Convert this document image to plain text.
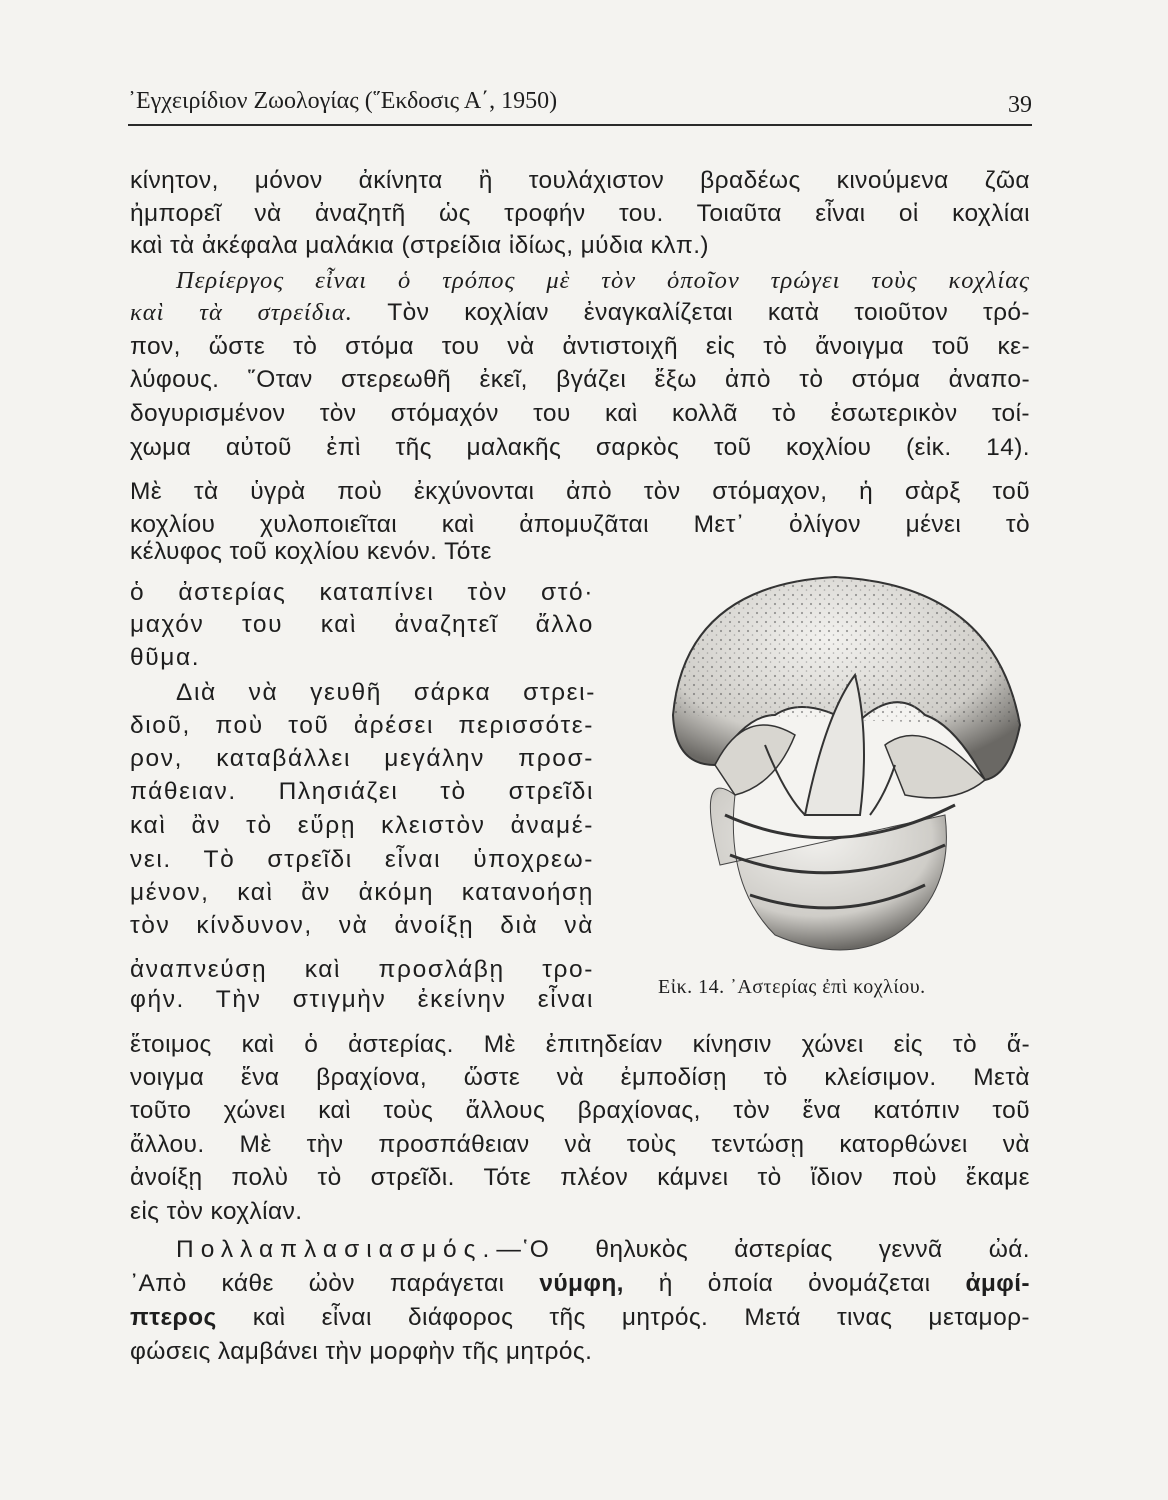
᾿Εγχειρίδιον Ζωολογίας (῞Εκδοσις Α΄, 1950)	39
κίνητον, μόνον ἀκίνητα ἢ τουλάχιστον βραδέως κινούμενα ζῶα
ἠμπορεῖ νὰ ἀναζητῆ ὡς τροφήν του. Τοιαῦτα εἶναι οἱ κοχλίαι
καὶ τὰ ἀκέφαλα μαλάκια (στρείδια ἰδίως, μύδια κλπ.)
Περίεργος εἶναι ὁ τρόπος μὲ τὸν ὁποῖον τρώγει τοὺς κοχλίας
καὶ τὰ στρείδια. Τὸν κοχλίαν ἐναγκαλίζεται κατὰ τοιοῦτον τρό-
πον, ὥστε τὸ στόμα του νὰ ἀντιστοιχῆ εἰς τὸ ἄνοιγμα τοῦ κε-
λύφους. ῞Οταν στερεωθῆ ἐκεῖ, βγάζει ἔξω ἀπὸ τὸ στόμα ἀναπο-
δογυρισμένον τὸν στόμαχόν του καὶ κολλᾶ τὸ ἐσωτερικὸν τοί-
χωμα αὐτοῦ ἐπὶ τῆς μαλακῆς σαρκὸς τοῦ κοχλίου (εἰκ. 14).
Μὲ τὰ ὑγρὰ ποὺ ἐκχύνονται ἀπὸ τὸν στόμαχον, ἡ σὰρξ τοῦ
κοχλίου χυλοποιεῖται καὶ ἀπομυζᾶται Μετ᾿ ὀλίγον μένει τὸ
κέλυφος τοῦ κοχλίου κενόν. Τότε
ὁ ἀστερίας καταπίνει τὸν στό·
μαχόν του καὶ ἀναζητεῖ ἄλλο
θῦμα.
Διὰ νὰ γευθῆ σάρκα στρει-
διοῦ, ποὺ τοῦ ἀρέσει περισσότε-
ρον, καταβάλλει μεγάλην προσ-
πάθειαν. Πλησιάζει τὸ στρεῖδι
καὶ ἂν τὸ εὕρῃ κλειστὸν ἀναμέ-
νει. Τὸ στρεῖδι εἶναι ὑποχρεω-
μένον, καὶ ἂν ἀκόμη κατανοήσῃ
τὸν κίνδυνον, νὰ ἀνοίξῃ διὰ νὰ
ἀναπνεύσῃ καὶ προσλάβῃ τρο-
φήν. Τὴν στιγμὴν ἐκείνην εἶναι
ἕτοιμος καὶ ὁ ἀστερίας. Μὲ ἐπιτηδείαν κίνησιν χώνει εἰς τὸ ἄ-
νοιγμα ἕνα βραχίονα, ὥστε νὰ ἐμποδίσῃ τὸ κλείσιμον. Μετὰ
τοῦτο χώνει καὶ τοὺς ἄλλους βραχίονας, τὸν ἕνα κατόπιν τοῦ
ἄλλου. Μὲ τὴν προσπάθειαν νὰ τοὺς τεντώσῃ κατορθώνει νὰ
ἀνοίξῃ πολὺ τὸ στρεῖδι. Τότε πλέον κάμνει τὸ ἴδιον ποὺ ἔκαμε
εἰς τὸν κοχλίαν.
Πολλαπλασιασμός.—῾Ο θηλυκὸς ἀστερίας γεννᾶ ὠά.
᾿Απὸ κάθε ὠὸν παράγεται νύμφη, ἡ ὁποία ὀνομάζεται ἀμφί-
πτερος καὶ εἶναι διάφορος τῆς μητρός. Μετά τινας μεταμορ-
φώσεις λαμβάνει τὴν μορφὴν τῆς μητρός.
Εἰκ. 14. ᾿Αστερίας ἐπὶ κοχλίου.
